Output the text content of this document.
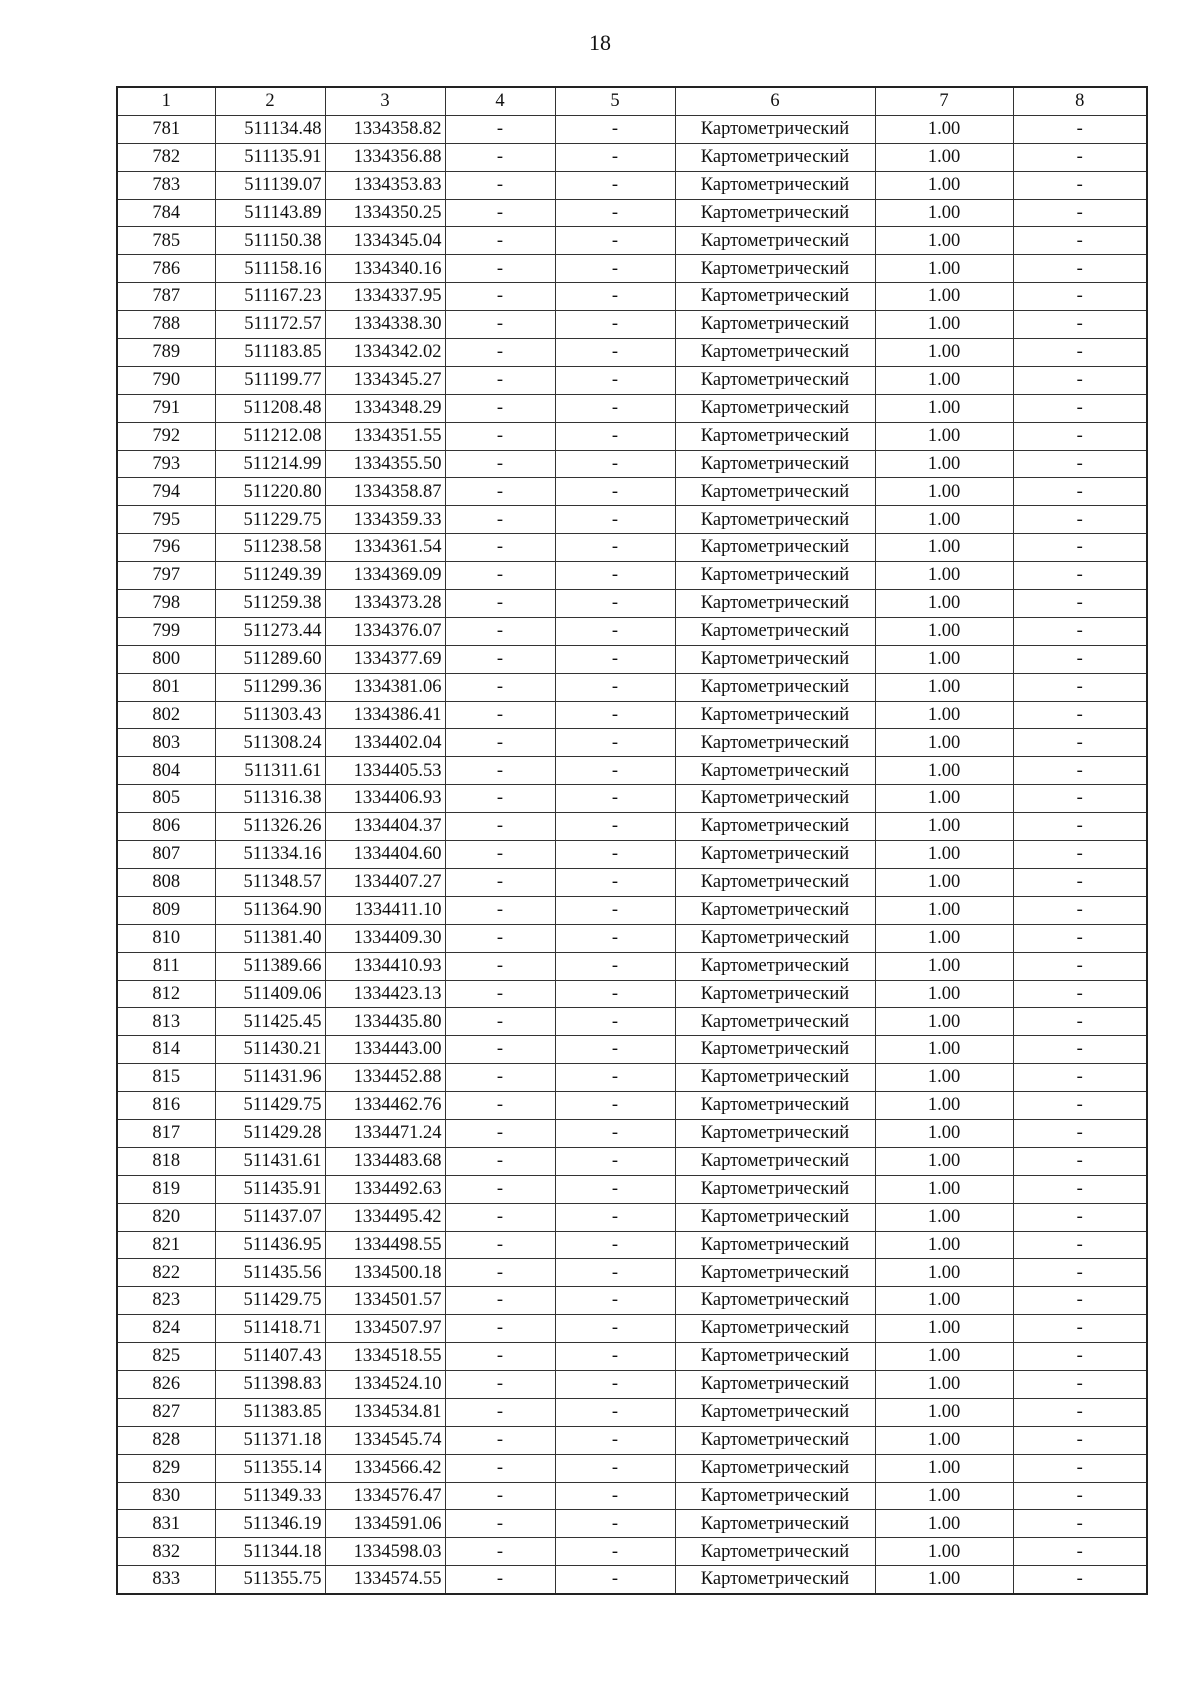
18
1	2	3	4	5	6	7	8
781	511134.48	1334358.82	-	-	Картометрический	1.00	-
782	511135.91	1334356.88	-	-	Картометрический	1.00	-
783	511139.07	1334353.83	-	-	Картометрический	1.00	-
784	511143.89	1334350.25	-	-	Картометрический	1.00	-
785	511150.38	1334345.04	-	-	Картометрический	1.00	-
786	511158.16	1334340.16	-	-	Картометрический	1.00	-
787	511167.23	1334337.95	-	-	Картометрический	1.00	-
788	511172.57	1334338.30	-	-	Картометрический	1.00	-
789	511183.85	1334342.02	-	-	Картометрический	1.00	-
790	511199.77	1334345.27	-	-	Картометрический	1.00	-
791	511208.48	1334348.29	-	-	Картометрический	1.00	-
792	511212.08	1334351.55	-	-	Картометрический	1.00	-
793	511214.99	1334355.50	-	-	Картометрический	1.00	-
794	511220.80	1334358.87	-	-	Картометрический	1.00	-
795	511229.75	1334359.33	-	-	Картометрический	1.00	-
796	511238.58	1334361.54	-	-	Картометрический	1.00	-
797	511249.39	1334369.09	-	-	Картометрический	1.00	-
798	511259.38	1334373.28	-	-	Картометрический	1.00	-
799	511273.44	1334376.07	-	-	Картометрический	1.00	-
800	511289.60	1334377.69	-	-	Картометрический	1.00	-
801	511299.36	1334381.06	-	-	Картометрический	1.00	-
802	511303.43	1334386.41	-	-	Картометрический	1.00	-
803	511308.24	1334402.04	-	-	Картометрический	1.00	-
804	511311.61	1334405.53	-	-	Картометрический	1.00	-
805	511316.38	1334406.93	-	-	Картометрический	1.00	-
806	511326.26	1334404.37	-	-	Картометрический	1.00	-
807	511334.16	1334404.60	-	-	Картометрический	1.00	-
808	511348.57	1334407.27	-	-	Картометрический	1.00	-
809	511364.90	1334411.10	-	-	Картометрический	1.00	-
810	511381.40	1334409.30	-	-	Картометрический	1.00	-
811	511389.66	1334410.93	-	-	Картометрический	1.00	-
812	511409.06	1334423.13	-	-	Картометрический	1.00	-
813	511425.45	1334435.80	-	-	Картометрический	1.00	-
814	511430.21	1334443.00	-	-	Картометрический	1.00	-
815	511431.96	1334452.88	-	-	Картометрический	1.00	-
816	511429.75	1334462.76	-	-	Картометрический	1.00	-
817	511429.28	1334471.24	-	-	Картометрический	1.00	-
818	511431.61	1334483.68	-	-	Картометрический	1.00	-
819	511435.91	1334492.63	-	-	Картометрический	1.00	-
820	511437.07	1334495.42	-	-	Картометрический	1.00	-
821	511436.95	1334498.55	-	-	Картометрический	1.00	-
822	511435.56	1334500.18	-	-	Картометрический	1.00	-
823	511429.75	1334501.57	-	-	Картометрический	1.00	-
824	511418.71	1334507.97	-	-	Картометрический	1.00	-
825	511407.43	1334518.55	-	-	Картометрический	1.00	-
826	511398.83	1334524.10	-	-	Картометрический	1.00	-
827	511383.85	1334534.81	-	-	Картометрический	1.00	-
828	511371.18	1334545.74	-	-	Картометрический	1.00	-
829	511355.14	1334566.42	-	-	Картометрический	1.00	-
830	511349.33	1334576.47	-	-	Картометрический	1.00	-
831	511346.19	1334591.06	-	-	Картометрический	1.00	-
832	511344.18	1334598.03	-	-	Картометрический	1.00	-
833	511355.75	1334574.55	-	-	Картометрический	1.00	-
